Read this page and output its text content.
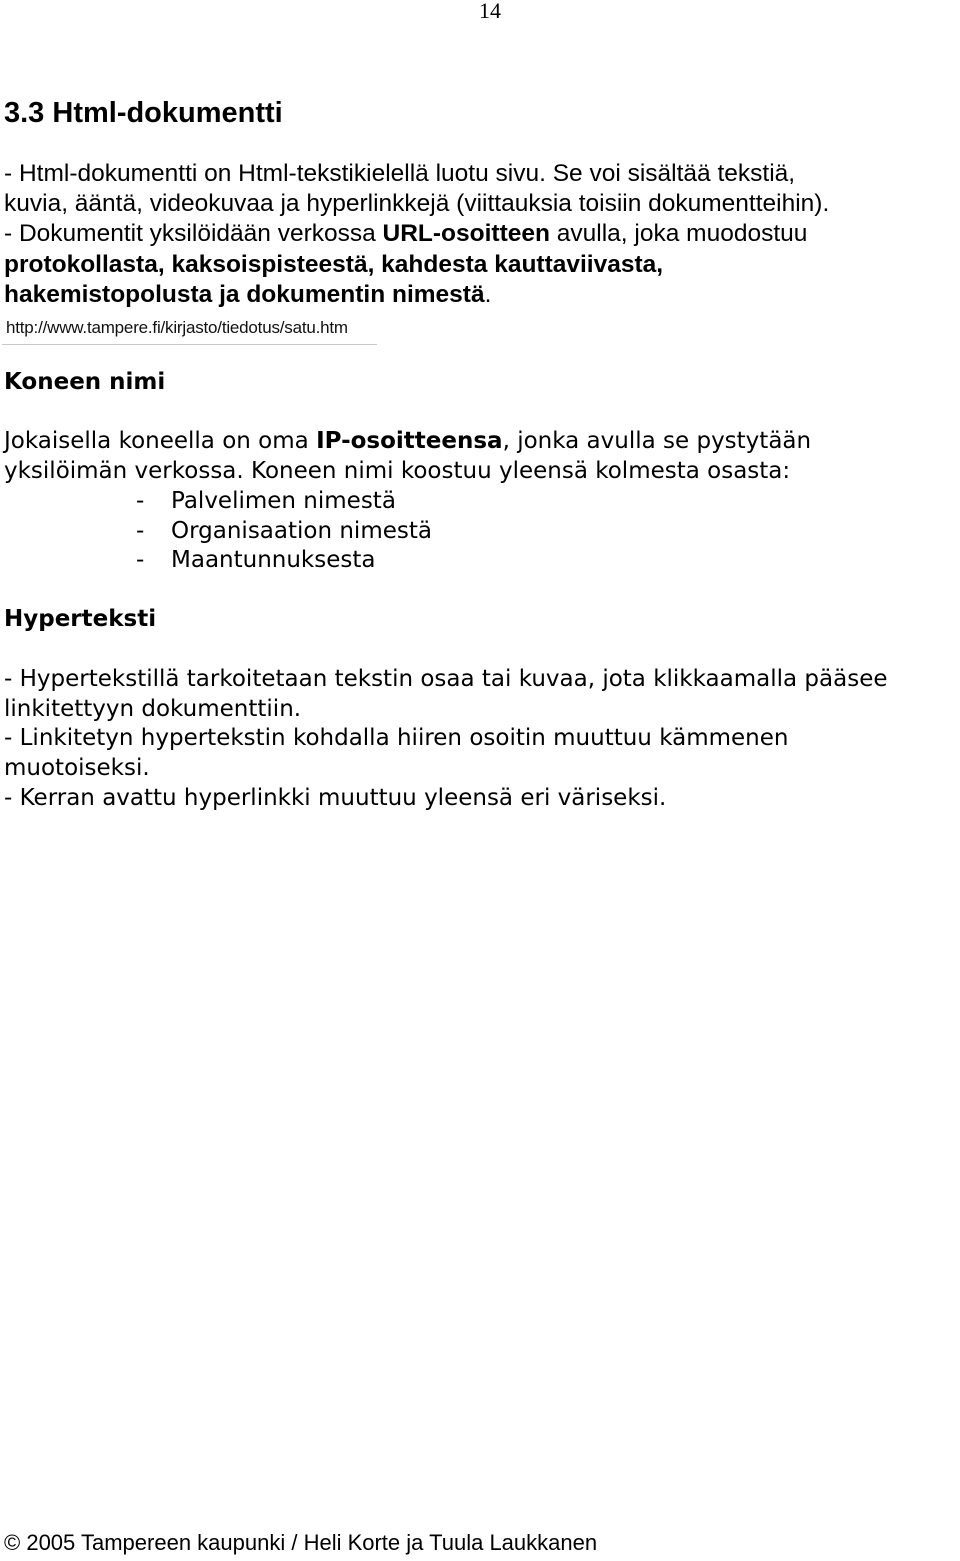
14
3.3 Html-dokumentti
- Html-dokumentti on Html-tekstikielellä luotu sivu. Se voi sisältää tekstiä,
kuvia, ääntä, videokuvaa ja hyperlinkkejä (viittauksia toisiin dokumentteihin).
- Dokumentit yksilöidään verkossa URL-osoitteen avulla, joka muodostuu
protokollasta, kaksoispisteestä, kahdesta kauttaviivasta,
hakemistopolusta ja dokumentin nimestä.
http://www.tampere.fi/kirjasto/tiedotus/satu.htm
Koneen nimi
Jokaisella koneella on oma IP-osoitteensa, jonka avulla se pystytään
yksilöimän verkossa. Koneen nimi koostuu yleensä kolmesta osasta:
- Palvelimen nimestä
- Organisaation nimestä
- Maantunnuksesta
Hyperteksti
- Hypertekstillä tarkoitetaan tekstin osaa tai kuvaa, jota klikkaamalla pääsee
linkitettyyn dokumenttiin.
- Linkitetyn hypertekstin kohdalla hiiren osoitin muuttuu kämmenen
muotoiseksi.
- Kerran avattu hyperlinkki muuttuu yleensä eri väriseksi.
© 2005 Tampereen kaupunki / Heli Korte ja Tuula Laukkanen
